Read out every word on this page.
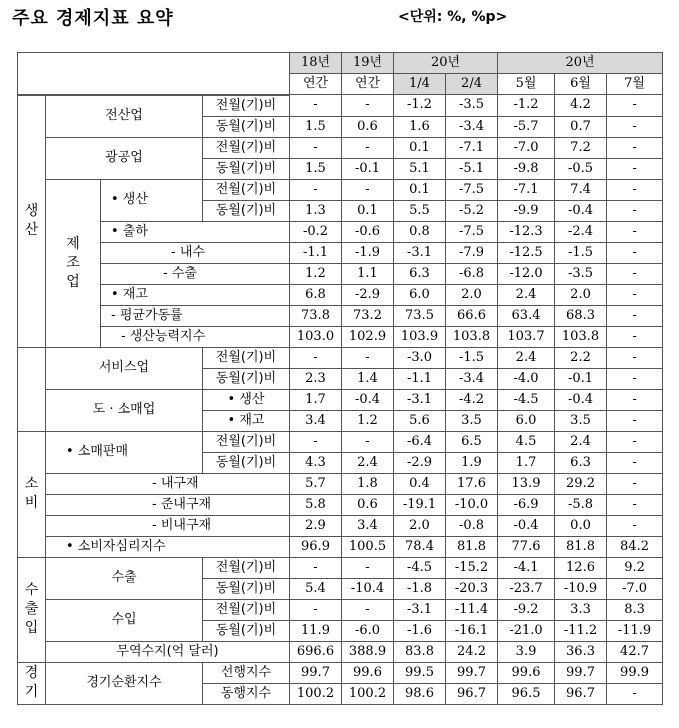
주요 경제지표 요약	<단위: %, %p>
				18년	19년	20년		20년		
				연간	연간	1/4	2/4	5월	6월	7월

생
산	전산업		전월(기)비	-	-	-1.2	-3.5	-1.2	4.2	-
			동월(기)비	1.5	0.6	1.6	-3.4	-5.7	0.7	-
	광공업		전월(기)비	-	-	0.1	-7.1	-7.0	7.2	-
			동월(기)비	1.5	-0.1	5.1	-5.1	-9.8	-0.5	-

	제
조
업	• 생산	전월(기)비	-	-	0.1	-7.5	-7.1	7.4	-
			동월(기)비	1.3	0.1	5.5	-5.2	-9.9	-0.4	-
		• 출하		-0.2	-0.6	0.8	-7.5	-12.3	-2.4	-
		- 내수		-1.1	-1.9	-3.1	-7.9	-12.5	-1.5	-
		- 수출		1.2	1.1	6.3	-6.8	-12.0	-3.5	-
		• 재고		6.8	-2.9	6.0	2.0	2.4	2.0	-
		- 평균가동률		73.8	73.2	73.5	66.6	63.4	68.3	-
		- 생산능력지수		103.0	102.9	103.9	103.8	103.7	103.8	-
	서비스업		전월(기)비	-	-	-3.0	-1.5	2.4	2.2	-
			동월(기)비	2.3	1.4	-1.1	-3.4	-4.0	-0.1	-
	도 · 소매업		• 생산	1.7	-0.4	-3.1	-4.2	-4.5	-0.4	-
			• 재고	3.4	1.2	5.6	3.5	6.0	3.5	-

소
비	• 소매판매		전월(기)비	-	-	-6.4	6.5	4.5	2.4	-
			동월(기)비	4.3	2.4	-2.9	1.9	1.7	6.3	-
	- 내구재			5.7	1.8	0.4	17.6	13.9	29.2	-
	- 준내구재			5.8	0.6	-19.1	-10.0	-6.9	-5.8	-
	- 비내구재			2.9	3.4	2.0	-0.8	-0.4	0.0	-
	• 소비자심리지수			96.9	100.5	78.4	81.8	77.6	81.8	84.2

수
출
입	수출		전월(기)비	-	-	-4.5	-15.2	-4.1	12.6	9.2
			동월(기)비	5.4	-10.4	-1.8	-20.3	-23.7	-10.9	-7.0
	수입		전월(기)비	-	-	-3.1	-11.4	-9.2	3.3	8.3
			동월(기)비	11.9	-6.0	-1.6	-16.1	-21.0	-11.2	-11.9
	무역수지(억 달러)			696.6	388.9	83.8	24.2	3.9	36.3	42.7

경
기	경기순환지수		선행지수	99.7	99.6	99.5	99.7	99.6	99.7	99.9
			동행지수	100.2	100.2	98.6	96.7	96.5	96.7	-
